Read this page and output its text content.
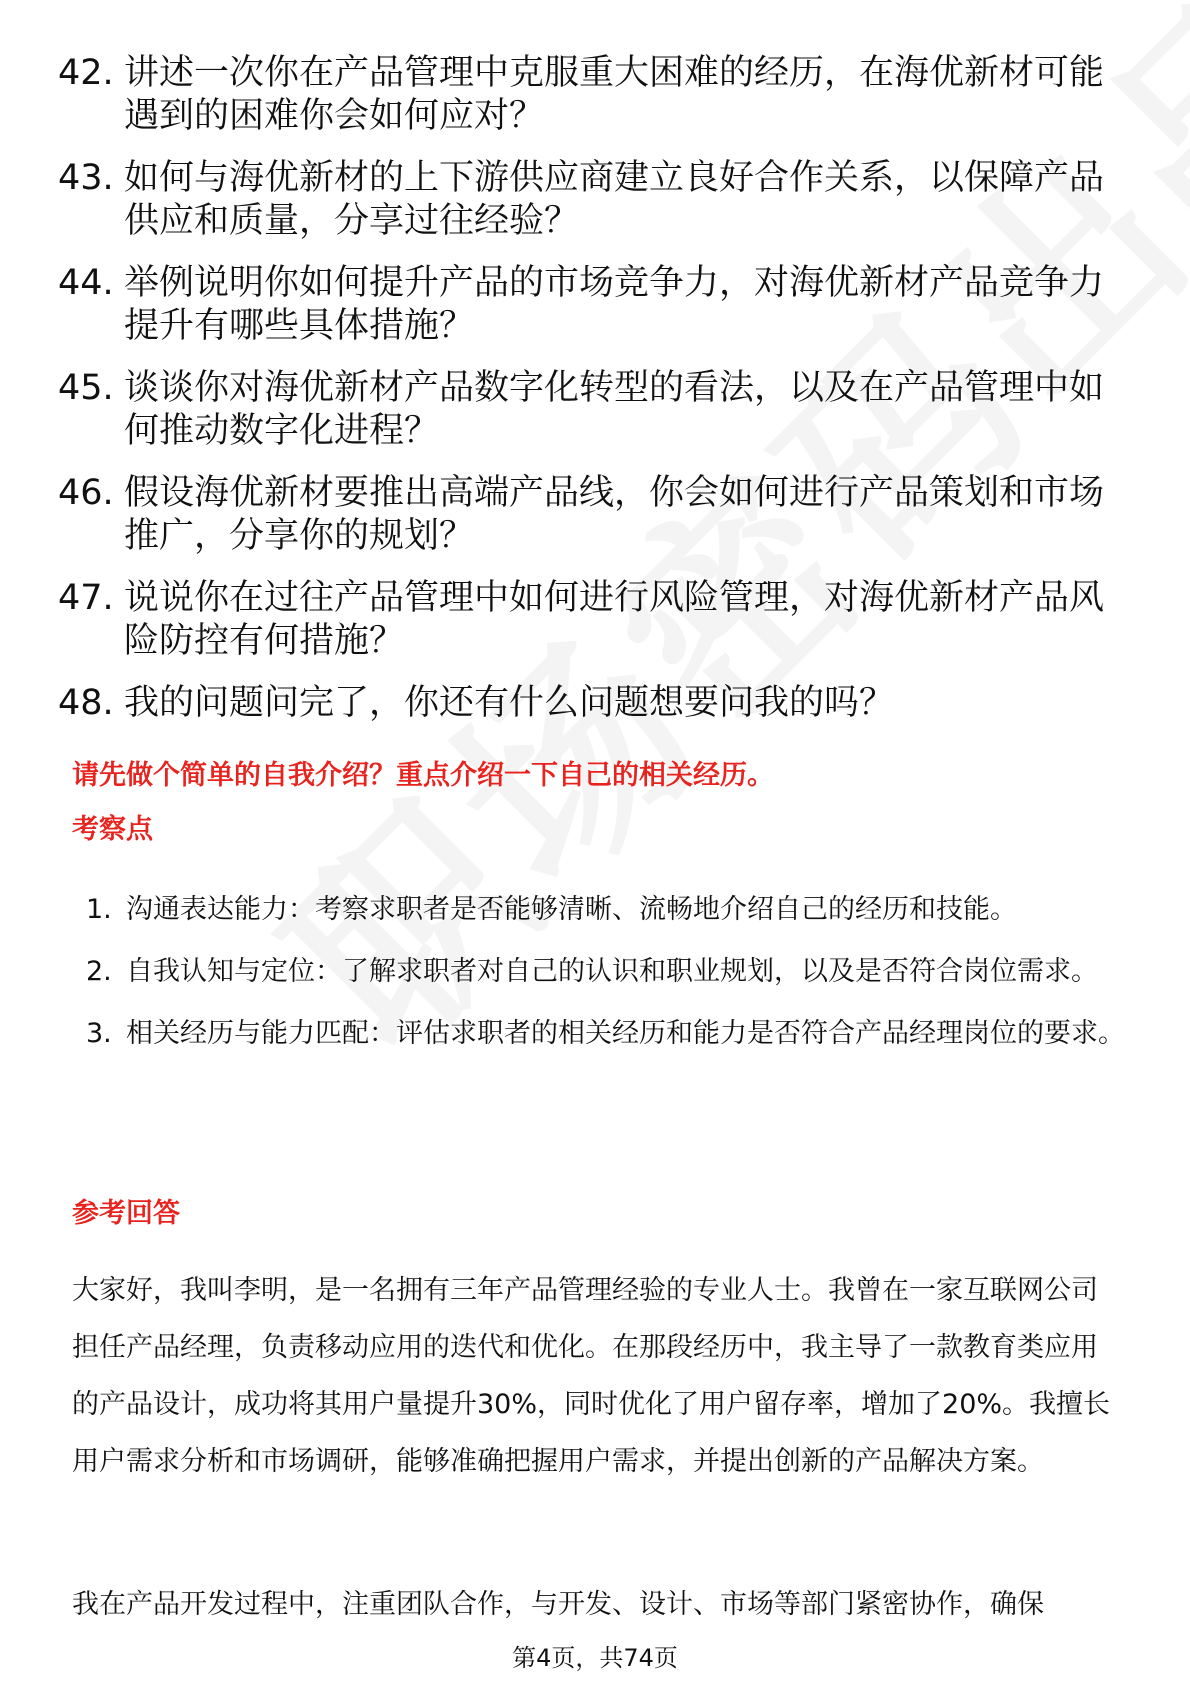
42. 讲述一次你在产品管理中克服重大困难的经历，在海优新材可能遇到的困难你会如何应对？
43. 如何与海优新材的上下游供应商建立良好合作关系，以保障产品供应和质量，分享过往经验？
44. 举例说明你如何提升产品的市场竞争力，对海优新材产品竞争力提升有哪些具体措施？
45. 谈谈你对海优新材产品数字化转型的看法，以及在产品管理中如何推动数字化进程？
46. 假设海优新材要推出高端产品线，你会如何进行产品策划和市场推广，分享你的规划？
47. 说说你在过往产品管理中如何进行风险管理，对海优新材产品风险防控有何措施？
48. 我的问题问完了，你还有什么问题想要问我的吗？
请先做个简单的自我介绍？重点介绍一下自己的相关经历。
考察点
1. 沟通表达能力：考察求职者是否能够清晰、流畅地介绍自己的经历和技能。
2. 自我认知与定位：了解求职者对自己的认识和职业规划，以及是否符合岗位需求。
3. 相关经历与能力匹配：评估求职者的相关经历和能力是否符合产品经理岗位的要求。
参考回答

大家好，我叫李明，是一名拥有三年产品管理经验的专业人士。我曾在一家互联网公司担任产品经理，负责移动应用的迭代和优化。在那段经历中，我主导了一款教育类应用的产品设计，成功将其用户量提升30%，同时优化了用户留存率，增加了20%。我擅长用户需求分析和市场调研，能够准确把握用户需求，并提出创新的产品解决方案。

我在产品开发过程中，注重团队合作，与开发、设计、市场等部门紧密协作，确保

第4页，共74页
